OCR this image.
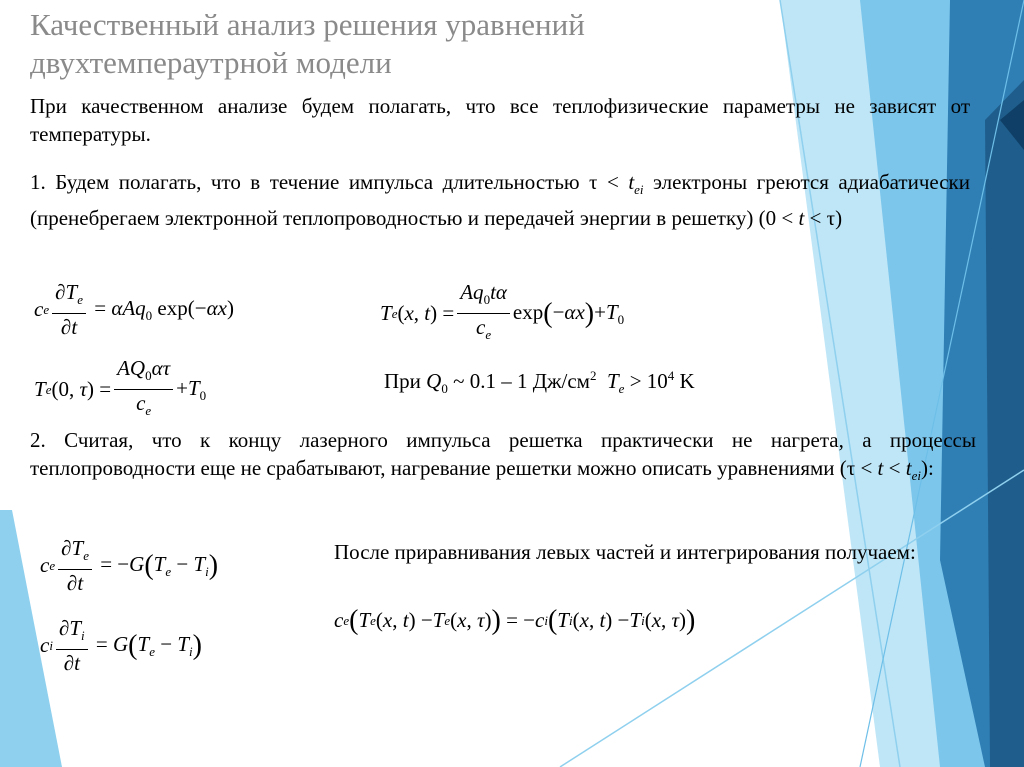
Качественный анализ решения уравнений двухтемпераутрной модели
При качественном анализе будем полагать, что все теплофизические параметры не зависят от температуры.
1. Будем полагать, что в течение импульса длительностью $\tau < t_{ei}$ электроны греются адиабатически (пренебрегаем электронной теплопроводностью и передачей энергии в решетку) (0 < t < τ)
c e $\frac{\partial T_e}{\partial t} = \alpha Aq_0$ exp(−αx)	T e ( x , t ) = $\frac{Aq_0t\alpha}{c_e} \exp(-\alpha x)+T_0$
T e (0, τ ) = $\frac{AQ_0\alpha\tau}{c_e} +T_0$
При $Q_0$ ~ 0.1 – 1 $Дж/см^2$ $T_e > 10^4$ K
2. Считая, что к концу лазерного импульса решетка практически не нагрета, а процессы теплопроводности еще не срабатывают, нагревание решетки можно описать уравнениями $(\tau < t < t_{ei})$:
c e $\frac{\partial T_e}{\partial t} = -G(T_e - T_i)$
c i $\frac{\partial T_i}{\partial t} = G(T_e - T_i)$
После приравнивания левых частей и интегрирования получаем:
c e ( T e ( x , t ) − T e ( x , τ ) ) = − c i ( T i ( x , t ) − T i ( x , τ ) )
